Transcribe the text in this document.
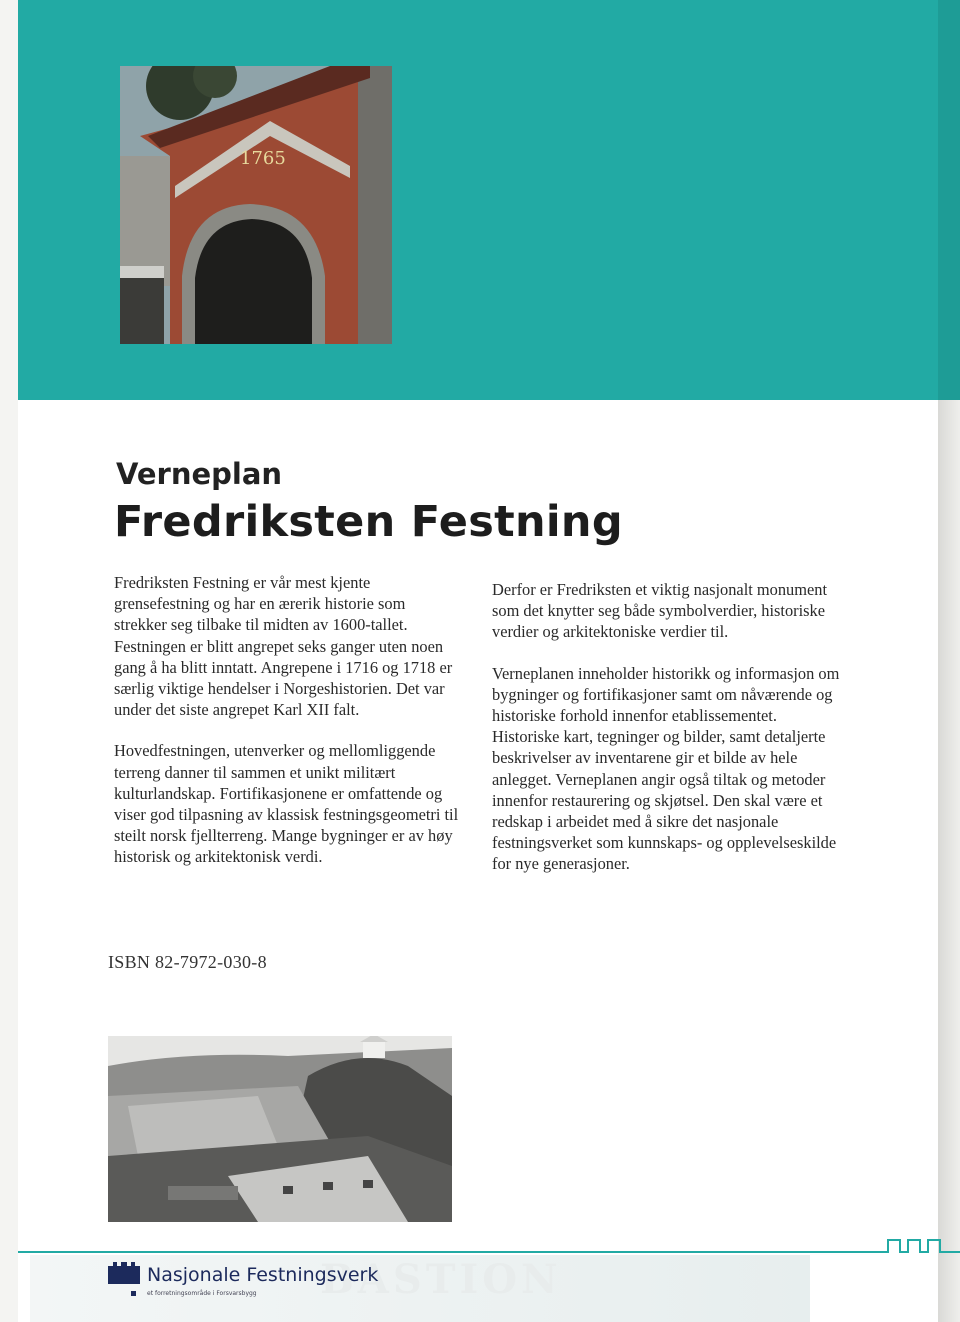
1765
Verneplan
Fredriksten Festning

Fredriksten Festning er vår mest kjente grensefestning og har en ærerik historie som strekker seg tilbake til midten av 1600-tallet. Festningen er blitt angrepet seks ganger uten noen gang å ha blitt inntatt. Angrepene i 1716 og 1718 er særlig viktige hendelser i Norgeshistorien. Det var under det siste angrepet Karl XII falt.

Hovedfestningen, utenverker og mellomliggende terreng danner til sammen et unikt militært kulturlandskap. Fortifikasjonene er omfattende og viser god tilpasning av klassisk festningsgeometri til steilt norsk fjellterreng. Mange bygninger er av høy historisk og arkitektonisk verdi.

Derfor er Fredriksten et viktig nasjonalt monument som det knytter seg både symbolverdier, historiske verdier og arkitektoniske verdier til.

Verneplanen inneholder historikk og informasjon om bygninger og fortifikasjoner samt om nåværende og historiske forhold innenfor etablissementet. Historiske kart, tegninger og bilder, samt detaljerte beskrivelser av inventarene gir et bilde av hele anlegget. Verneplanen angir også tiltak og metoder innenfor restaurering og skjøtsel. Den skal være et redskap i arbeidet med å sikre det nasjonale festningsverket som kunnskaps- og opplevelseskilde for nye generasjoner.

ISBN 82-7972-030-8
BASTION
Nasjonale Festningsverk
et forretningsområde i Forsvarsbygg
